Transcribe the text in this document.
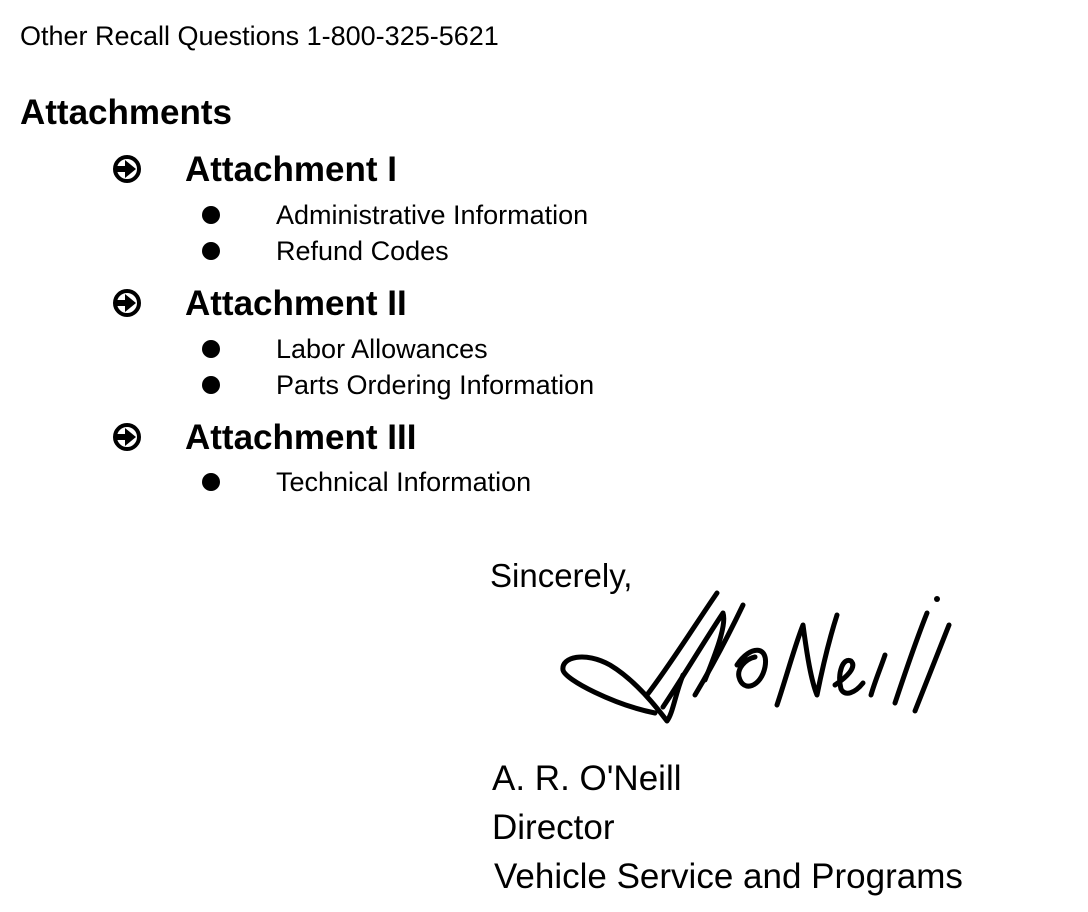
Other Recall Questions 1-800-325-5621
Attachments
Attachment I
Administrative Information
Refund Codes
Attachment II
Labor Allowances
Parts Ordering Information
Attachment III
Technical Information
Sincerely,
A. R. O'Neill
Director
Vehicle Service and Programs
